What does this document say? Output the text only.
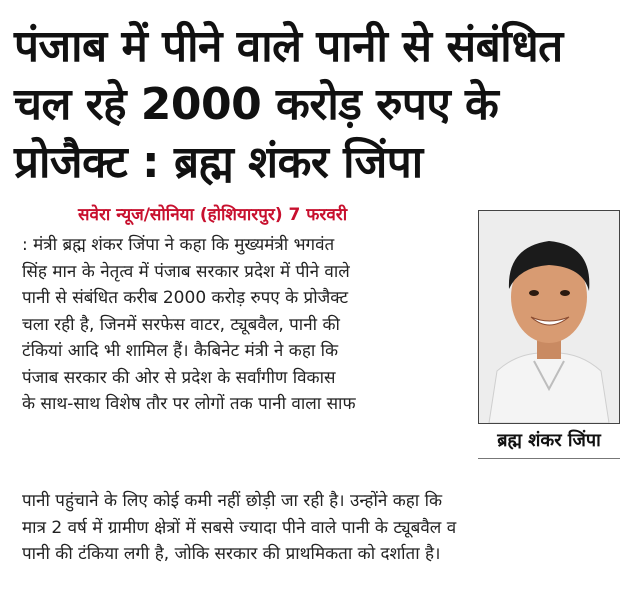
पंजाब में पीने वाले पानी से संबंधित
चल रहे 2000 करोड़ रुपए के
प्रोजैक्ट : ब्रह्म शंकर जिंपा
सवेरा न्यूज/सोनिया (होशियारपुर) 7 फरवरी
: मंत्री ब्रह्म शंकर जिंपा ने कहा कि मुख्यमंत्री भगवंत
सिंह मान के नेतृत्व में पंजाब सरकार प्रदेश में पीने वाले
पानी से संबंधित करीब 2000 करोड़ रुपए के प्रोजैक्ट
चला रही है, जिनमें सरफेस वाटर, ट्यूबवैल, पानी की
टंकियां आदि भी शामिल हैं। कैबिनेट मंत्री ने कहा कि
पंजाब सरकार की ओर से प्रदेश के सर्वांगीण विकास
के साथ-साथ विशेष तौर पर लोगों तक पानी वाला साफ
ब्रह्म शंकर जिंपा
पानी पहुंचाने के लिए कोई कमी नहीं छोड़ी जा रही है। उन्होंने कहा कि
मात्र 2 वर्ष में ग्रामीण क्षेत्रों में सबसे ज्यादा पीने वाले पानी के ट्यूबवैल व
पानी की टंकिया लगी है, जोकि सरकार की प्राथमिकता को दर्शाता है।
